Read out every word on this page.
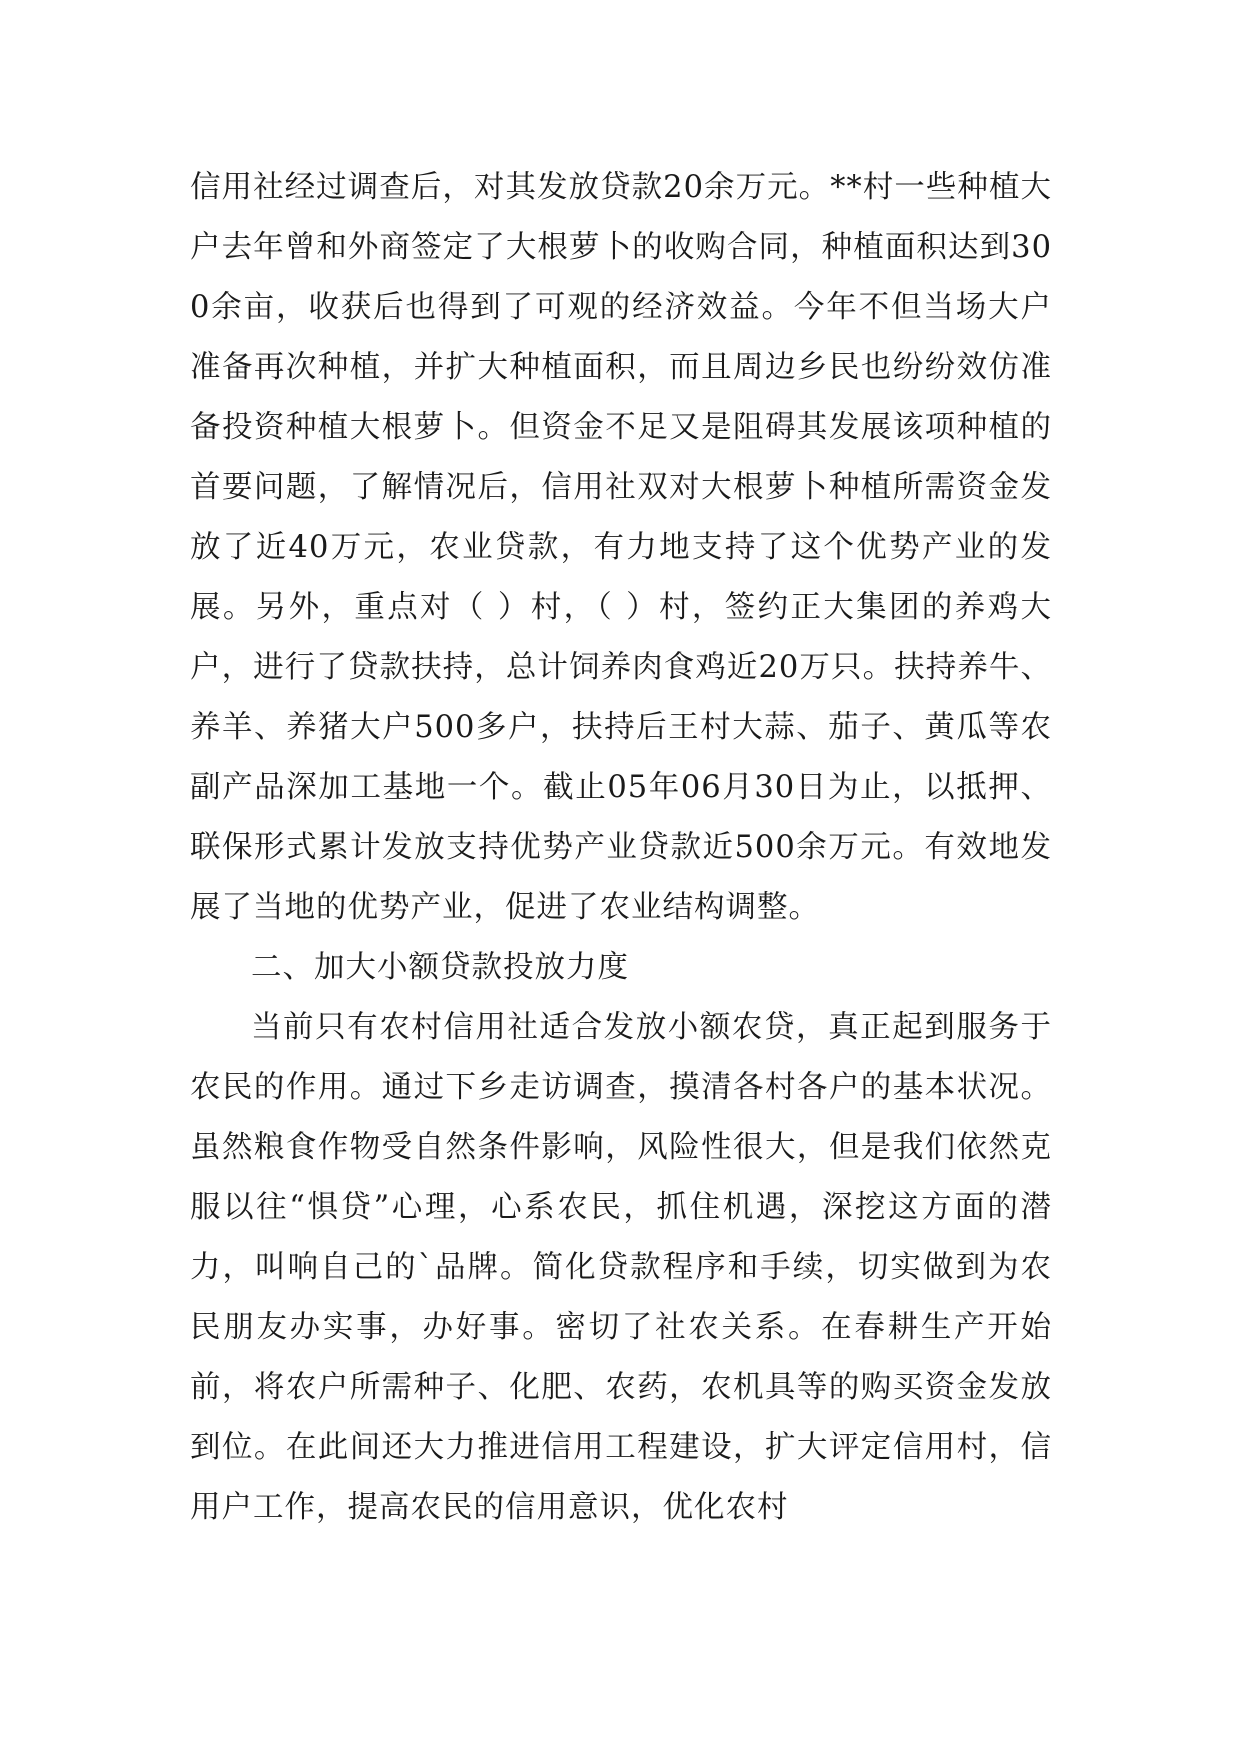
信用社经过调查后，对其发放贷款20余万元。**村一些种植大户去年曾和外商签定了大根萝卜的收购合同，种植面积达到300余亩，收获后也得到了可观的经济效益。今年不但当场大户准备再次种植，并扩大种植面积，而且周边乡民也纷纷效仿准备投资种植大根萝卜。但资金不足又是阻碍其发展该项种植的首要问题，了解情况后，信用社双对大根萝卜种植所需资金发放了近40万元，农业贷款，有力地支持了这个优势产业的发展。另外，重点对（ ）村，（ ）村，签约正大集团的养鸡大户，进行了贷款扶持，总计饲养肉食鸡近20万只。扶持养牛、养羊、养猪大户500多户，扶持后王村大蒜、茄子、黄瓜等农副产品深加工基地一个。截止05年06月30日为止，以抵押、联保形式累计发放支持优势产业贷款近500余万元。有效地发展了当地的优势产业，促进了农业结构调整。

二、加大小额贷款投放力度

当前只有农村信用社适合发放小额农贷，真正起到服务于农民的作用。通过下乡走访调查，摸清各村各户的基本状况。虽然粮食作物受自然条件影响，风险性很大，但是我们依然克服以往“惧贷”心理，心系农民，抓住机遇，深挖这方面的潜力，叫响自己的`品牌。简化贷款程序和手续，切实做到为农民朋友办实事，办好事。密切了社农关系。在春耕生产开始前，将农户所需种子、化肥、农药，农机具等的购买资金发放到位。在此间还大力推进信用工程建设，扩大评定信用村，信用户工作，提高农民的信用意识，优化农村
